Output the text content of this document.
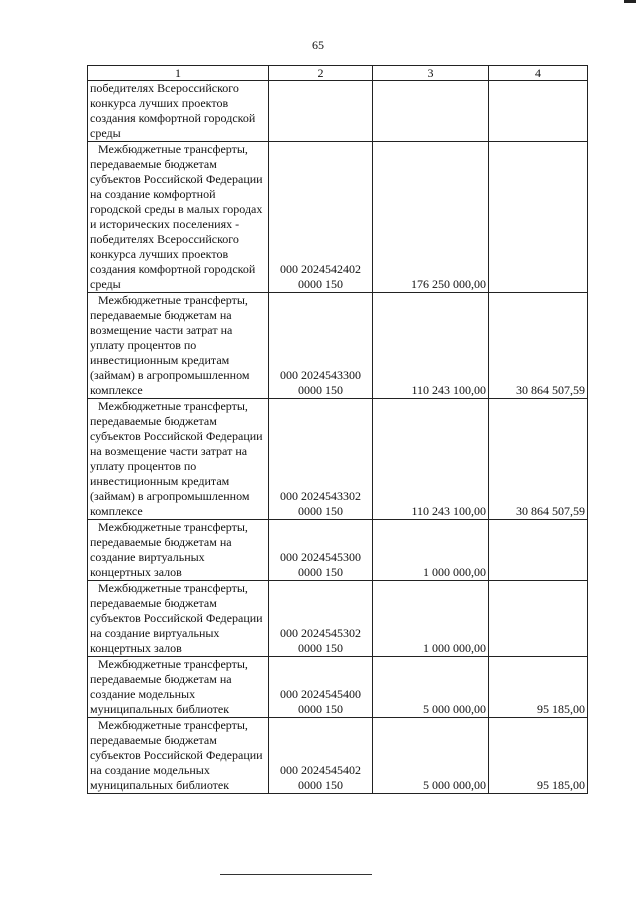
65
1	2	3	4

победителях Всероссийского конкурса лучших проектов создания комфортной городской среды			

Межбюджетные трансферты, передаваемые бюджетам субъектов Российской Федерации на создание комфортной городской среды в малых городах и исторических поселениях - победителях Всероссийского конкурса лучших проектов создания комфортной городской среды	000 2024542402 0000 150	176 250 000,00	

Межбюджетные трансферты, передаваемые бюджетам на возмещение части затрат на уплату процентов по инвестиционным кредитам (займам) в агропромышленном комплексе	000 2024543300 0000 150	110 243 100,00	30 864 507,59

Межбюджетные трансферты, передаваемые бюджетам субъектов Российской Федерации на возмещение части затрат на уплату процентов по инвестиционным кредитам (займам) в агропромышленном комплексе	000 2024543302 0000 150	110 243 100,00	30 864 507,59

Межбюджетные трансферты, передаваемые бюджетам на создание виртуальных концертных залов	000 2024545300 0000 150	1 000 000,00	

Межбюджетные трансферты, передаваемые бюджетам субъектов Российской Федерации на создание виртуальных концертных залов	000 2024545302 0000 150	1 000 000,00	

Межбюджетные трансферты, передаваемые бюджетам на создание модельных муниципальных библиотек	000 2024545400 0000 150	5 000 000,00	95 185,00

Межбюджетные трансферты, передаваемые бюджетам субъектов Российской Федерации на создание модельных муниципальных библиотек	000 2024545402 0000 150	5 000 000,00	95 185,00
